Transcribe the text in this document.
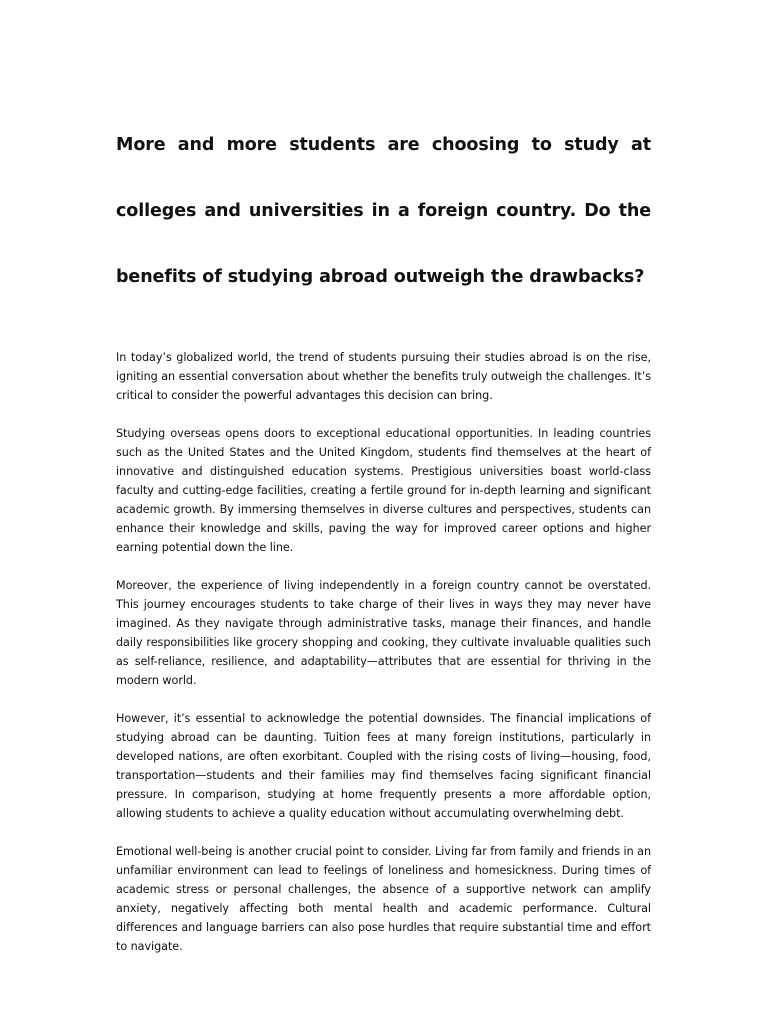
More and more students are choosing to study at colleges and universities in a foreign country. Do the benefits of studying abroad outweigh the drawbacks?

In today’s globalized world, the trend of students pursuing their studies abroad is on the rise, igniting an essential conversation about whether the benefits truly outweigh the challenges. It’s critical to consider the powerful advantages this decision can bring.

Studying overseas opens doors to exceptional educational opportunities. In leading countries such as the United States and the United Kingdom, students find themselves at the heart of innovative and distinguished education systems. Prestigious universities boast world-class faculty and cutting-edge facilities, creating a fertile ground for in-depth learning and significant academic growth. By immersing themselves in diverse cultures and perspectives, students can enhance their knowledge and skills, paving the way for improved career options and higher earning potential down the line.

Moreover, the experience of living independently in a foreign country cannot be overstated. This journey encourages students to take charge of their lives in ways they may never have imagined. As they navigate through administrative tasks, manage their finances, and handle daily responsibilities like grocery shopping and cooking, they cultivate invaluable qualities such as self-reliance, resilience, and adaptability—attributes that are essential for thriving in the modern world.

However, it’s essential to acknowledge the potential downsides. The financial implications of studying abroad can be daunting. Tuition fees at many foreign institutions, particularly in developed nations, are often exorbitant. Coupled with the rising costs of living—housing, food, transportation—students and their families may find themselves facing significant financial pressure. In comparison, studying at home frequently presents a more affordable option, allowing students to achieve a quality education without accumulating overwhelming debt.

Emotional well-being is another crucial point to consider. Living far from family and friends in an unfamiliar environment can lead to feelings of loneliness and homesickness. During times of academic stress or personal challenges, the absence of a supportive network can amplify anxiety, negatively affecting both mental health and academic performance. Cultural differences and language barriers can also pose hurdles that require substantial time and effort to navigate.
